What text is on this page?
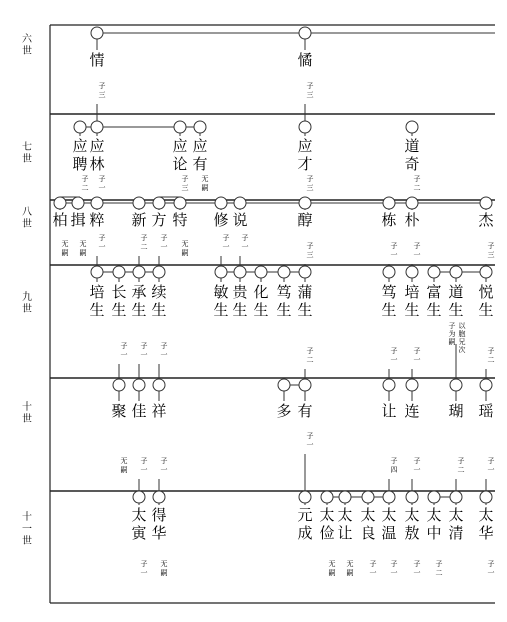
六世
七世
八世
九世
十世
十一世
情
子三
憰
子三
应聘
子二
应林
子一
应论
子三
应有
无嗣
应才
子三
道奇
子二
柏
无嗣
揖
无嗣
粹
子一
新
子二
方
子一
特
无嗣
修
子一
说
子一
醇
子三
栋
子一
朴
子一
杰
子三
培生
长生
子一
承生
子一
续生
子一
敏生
贵生
化生
笃生
蒲生
子二
笃生
子一
培生
子一
富生
道生
以胞兄次子为嗣
悦生
子二
聚
无嗣
佳
子一
祥
子一
多 有
子一
让
子四
连
子一
瑚
子二
瑶
子一
太寅
子一
得华
无嗣
元成
太俭
无嗣
太让
无嗣
太良
子一
太温
子一
太敖
子一
太中
子二
太清
太华
子一
